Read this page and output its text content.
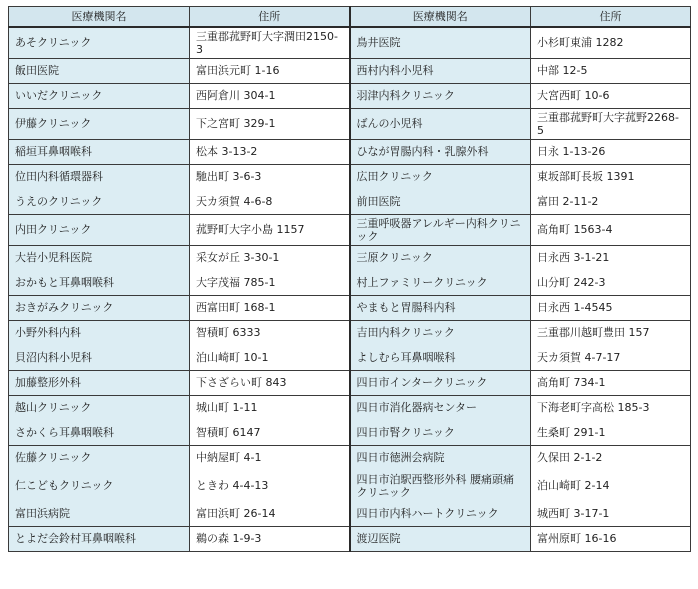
医療機関名	住所	医療機関名	住所
あそクリニック	三重郡菰野町大字潤田2150-3	鳥井医院	小杉町東浦 1282
飯田医院	富田浜元町 1-16	西村内科小児科	中部 12-5
いいだクリニック	西阿倉川 304-1	羽津内科クリニック	大宮西町 10-6
伊藤クリニック	下之宮町 329-1	ばんの小児科	三重郡菰野町大字菰野2268-5
稲垣耳鼻咽喉科	松本 3-13-2	ひなが胃腸内科・乳腺外科	日永 1-13-26
位田内科循環器科	馳出町 3-6-3	広田クリニック	東坂部町長坂 1391
うえのクリニック	天カ須賀 4-6-8	前田医院	富田 2-11-2
内田クリニック	菰野町大字小島 1157	三重呼吸器アレルギー内科クリニック	高角町 1563-4
大岩小児科医院	采女が丘 3-30-1	三原クリニック	日永西 3-1-21
おかもと耳鼻咽喉科	大字茂福 785-1	村上ファミリークリニック	山分町 242-3
おきがみクリニック	西富田町 168-1	やまもと胃腸科内科	日永西 1-4545
小野外科内科	智積町 6333	吉田内科クリニック	三重郡川越町豊田 157
貝沼内科小児科	泊山崎町 10-1	よしむら耳鼻咽喉科	天カ須賀 4-7-17
加藤整形外科	下さざらい町 843	四日市インタークリニック	高角町 734-1
越山クリニック	城山町 1-11	四日市消化器病センター	下海老町字高松 185-3
さかくら耳鼻咽喉科	智積町 6147	四日市腎クリニック	生桑町 291-1
佐藤クリニック	中納屋町 4-1	四日市徳洲会病院	久保田 2-1-2
仁こどもクリニック	ときわ 4-4-13	四日市泊駅西整形外科 腰痛頭痛クリニック	泊山崎町 2-14
富田浜病院	富田浜町 26-14	四日市内科ハートクリニック	城西町 3-17-1
とよだ会鈴村耳鼻咽喉科	鵜の森 1-9-3	渡辺医院	富州原町 16-16
